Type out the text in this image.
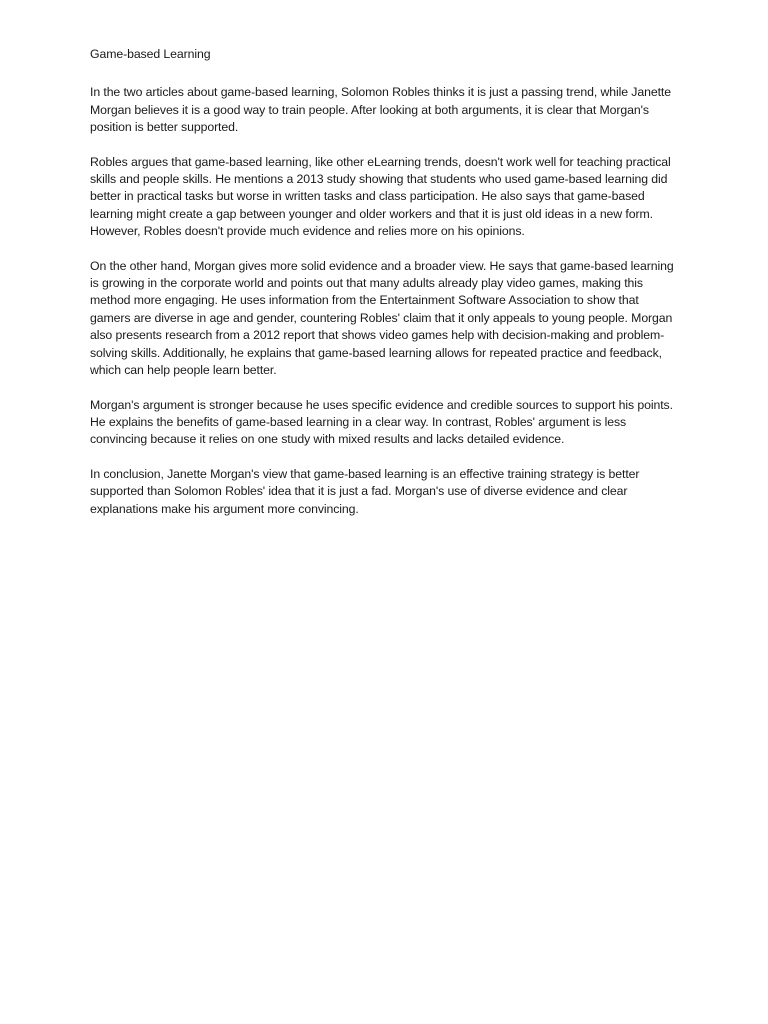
Game-based Learning

In the two articles about game-based learning, Solomon Robles thinks it is just a passing trend, while Janette Morgan believes it is a good way to train people. After looking at both arguments, it is clear that Morgan's position is better supported.

Robles argues that game-based learning, like other eLearning trends, doesn't work well for teaching practical skills and people skills. He mentions a 2013 study showing that students who used game-based learning did better in practical tasks but worse in written tasks and class participation. He also says that game-based learning might create a gap between younger and older workers and that it is just old ideas in a new form. However, Robles doesn't provide much evidence and relies more on his opinions.

On the other hand, Morgan gives more solid evidence and a broader view. He says that game-based learning is growing in the corporate world and points out that many adults already play video games, making this method more engaging. He uses information from the Entertainment Software Association to show that gamers are diverse in age and gender, countering Robles' claim that it only appeals to young people. Morgan also presents research from a 2012 report that shows video games help with decision-making and problem-solving skills. Additionally, he explains that game-based learning allows for repeated practice and feedback, which can help people learn better.

Morgan's argument is stronger because he uses specific evidence and credible sources to support his points. He explains the benefits of game-based learning in a clear way. In contrast, Robles' argument is less convincing because it relies on one study with mixed results and lacks detailed evidence.

In conclusion, Janette Morgan's view that game-based learning is an effective training strategy is better supported than Solomon Robles' idea that it is just a fad. Morgan's use of diverse evidence and clear explanations make his argument more convincing.
